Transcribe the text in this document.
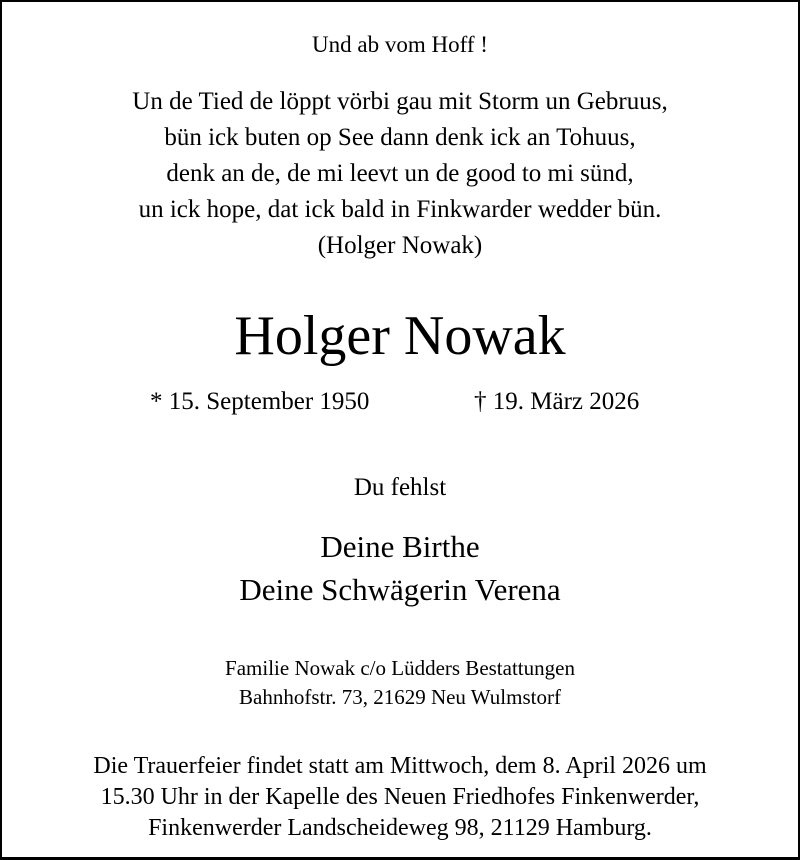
Und ab vom Hoff !
Un de Tied de löppt vörbi gau mit Storm un Gebruus,
bün ick buten op See dann denk ick an Tohuus,
denk an de, de mi leevt un de good to mi sünd,
un ick hope, dat ick bald in Finkwarder wedder bün.
(Holger Nowak)
Holger Nowak
* 15. September 1950	† 19. März 2026
Du fehlst
Deine Birthe
Deine Schwägerin Verena
Familie Nowak c/o Lüdders Bestattungen
Bahnhofstr. 73, 21629 Neu Wulmstorf
Die Trauerfeier findet statt am Mittwoch, dem 8. April 2026 um
15.30 Uhr in der Kapelle des Neuen Friedhofes Finkenwerder,
Finkenwerder Landscheideweg 98, 21129 Hamburg.
